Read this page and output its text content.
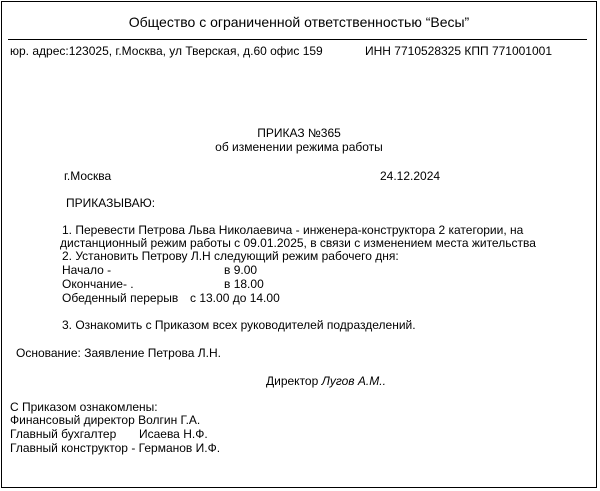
Общество с ограниченной ответственностью “Весы”
юр. адрес:123025, г.Москва, ул Тверская, д.60 офис 159	ИНН 7710528325 КПП 771001001
ПРИКАЗ №365
об изменении режима работы
г.Москва	24.12.2024
ПРИКАЗЫВАЮ:
1. Перевести Петрова Льва Николаевича - инженера-конструктора 2 категории, на
дистанционный режим работы с 09.01.2025, в связи с изменением места жительства
2. Установить Петрову Л.Н следующий режим рабочего дня:
Начало -	в 9.00
Окончание- .	в 18.00
Обеденный перерыв с 13.00 до 14.00
3. Ознакомить с Приказом всех руководителей подразделений.
Основание: Заявление Петрова Л.Н.
Директор Лугов А.М..
С Приказом ознакомлены:
Финансовый директор Волгин Г.А.
Главный бухгалтер Исаева Н.Ф.
Главный конструктор - Германов И.Ф.
